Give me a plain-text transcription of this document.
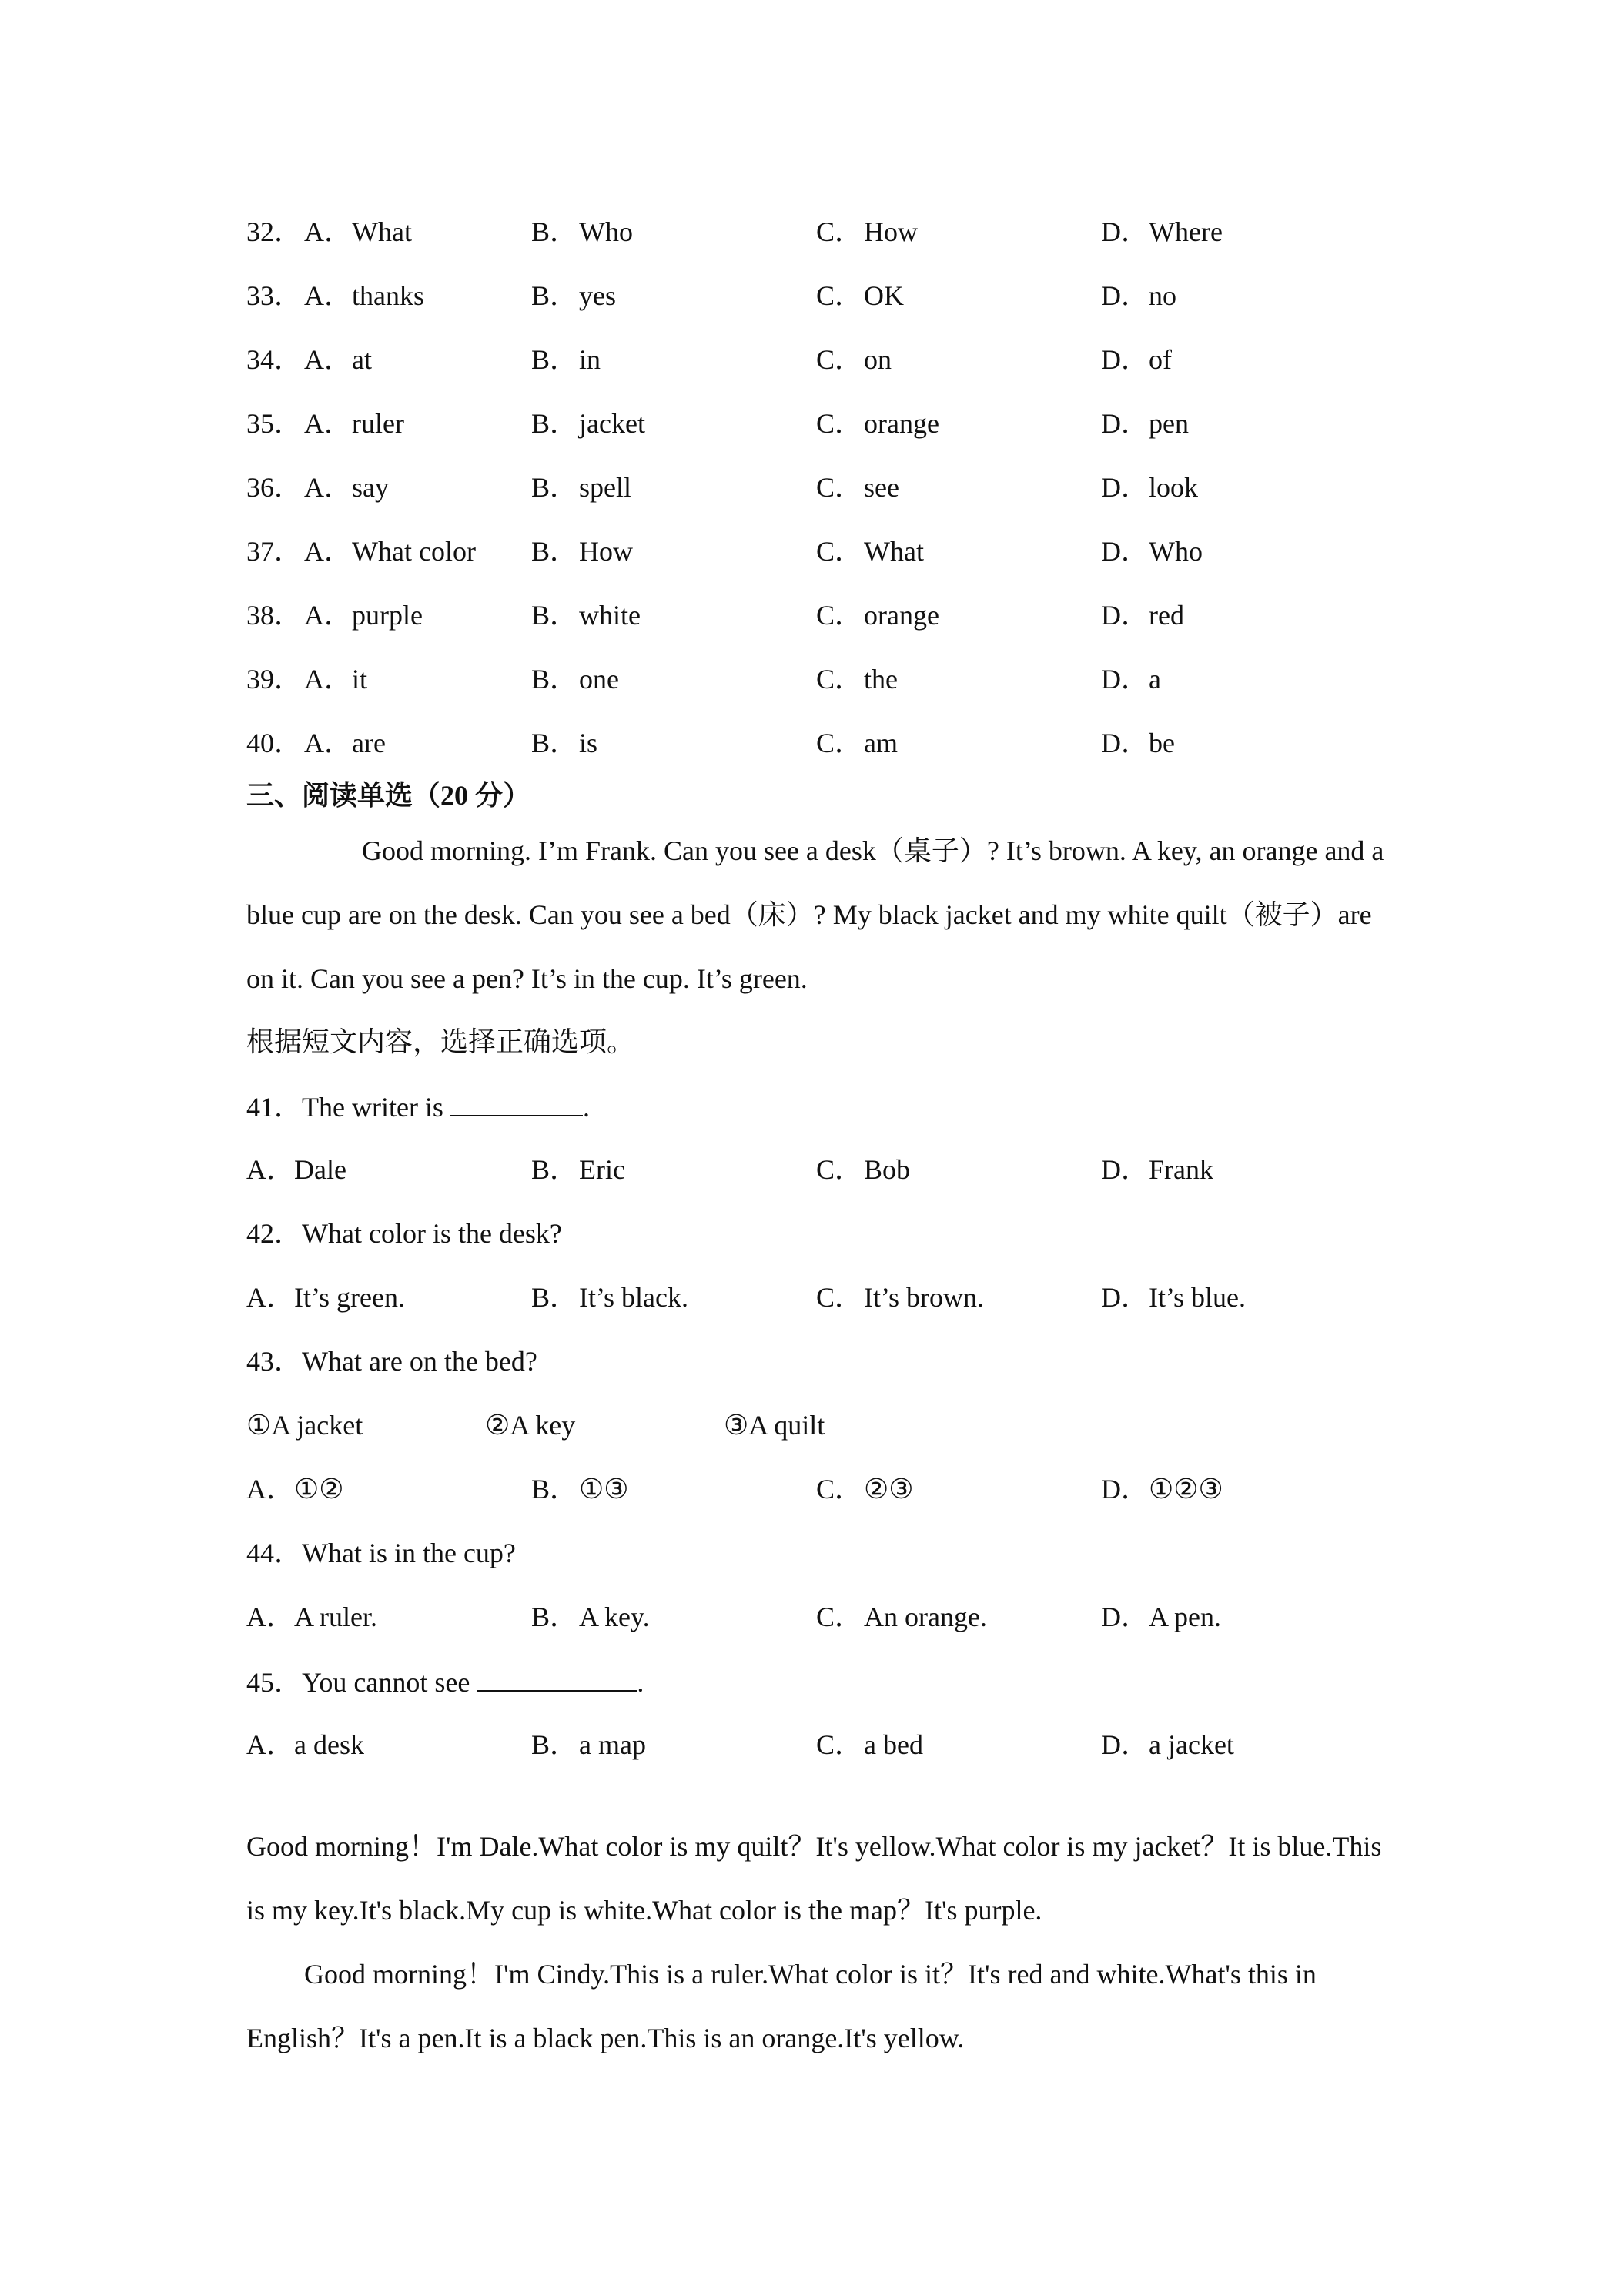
32．A．What	B．Who	C．How	D．Where
33．A．thanks	B．yes	C．OK	D．no
34．A．at	B．in	C．on	D．of
35．A．ruler	B．jacket	C．orange	D．pen
36．A．say	B．spell	C．see	D．look
37．A．What color B．How	C．What	D．Who
38．A．purple	B．white	C．orange	D．red
39．A．it	B．one	C．the	D．a
40．A．are	B．is	C．am	D．be
三、阅读单选（20 分）
Good morning. I’m Frank. Can you see a desk（桌子）? It’s brown. A key, an orange and a blue cup are on the desk. Can you see a bed（床）? My black jacket and my white quilt（被子）are on it. Can you see a pen? It’s in the cup. It’s green.
根据短文内容，选择正确选项。
41．The writer is	.
A．Dale	B．Eric	C．Bob	D．Frank
42．What color is the desk?
A．It’s green.	B．It’s black.	C．It’s brown.	D．It’s blue.
43．What are on the bed?
①A jacket	②A key	③A quilt
A．①②	B．①③	C．②③	D．①②③
44．What is in the cup?
A．A ruler.	B．A key.	C．An orange.	D．A pen.
45．You cannot see	.
A．a desk	B．a map	C．a bed	D．a jacket
Good morning！I'm Dale.What color is my quilt？It's yellow.What color is my jacket？It is blue.This is my key.It's black.My cup is white.What color is the map？It's purple.
Good morning！I'm Cindy.This is a ruler.What color is it？It's red and white.What's this in English？It's a pen.It is a black pen.This is an orange.It's yellow.
